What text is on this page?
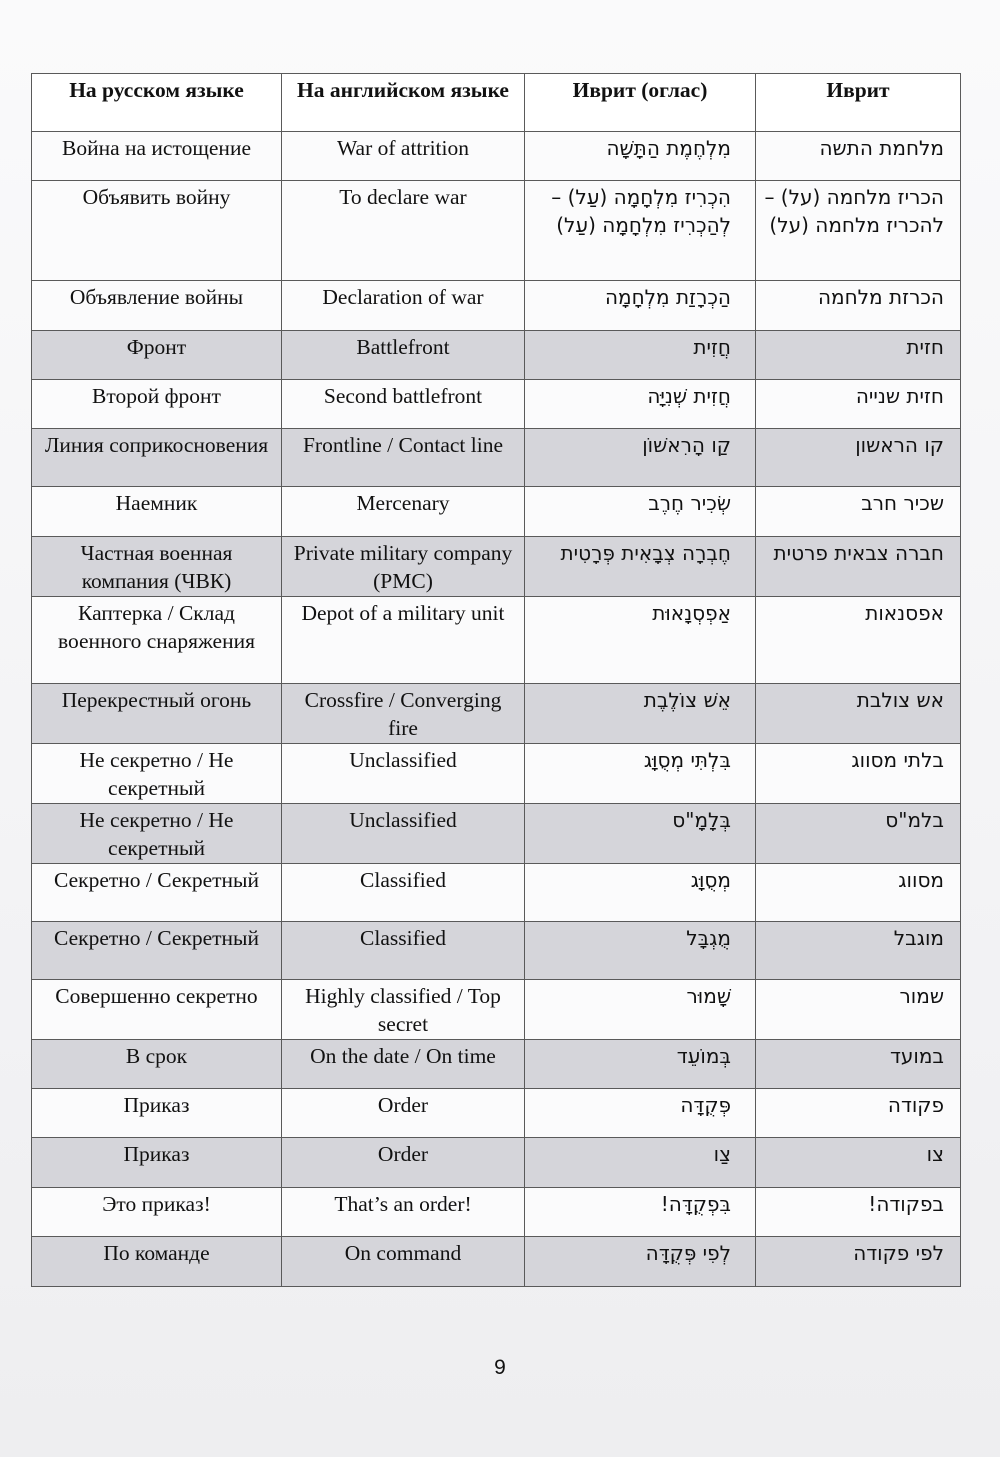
На русском языке	На английском языке	Иврит (оглас)	Иврит
Война на истощение	War of attrition	מִלְחֶמֶת הַתָּשָׁה	מלחמת התשה
Объявить войну	To declare war	הִכְרִיז מִלְחָמָה (עַל) – לְהַכְרִיז מִלְחָמָה (עַל)	הכריז מלחמה (על) – להכריז מלחמה (על)
Объявление войны	Declaration of war	הַכְרָזַת מִלְחָמָה	הכרזת מלחמה
Фронт	Battlefront	חֲזִית	חזית
Второй фронт	Second battlefront	חֲזִית שְׁנִיָּה	חזית שנייה
Линия соприкосновения	Frontline / Contact line	קַו הָרִאשׁוֹן	קו הראשון
Наемник	Mercenary	שְׂכִיר חֶרֶב	שכיר חרב
Частная военная компания (ЧВК)	Private military company (PMC)	חֶבְרָה צְבָאִית פְּרָטִית	חברה צבאית פרטית
Каптерка / Склад военного снаряжения	Depot of a military unit	אַפְסְנָאוּת	אפסנאות
Перекрестный огонь	Crossfire / Converging fire	אֵשׁ צוֹלֶבֶת	אש צולבת
Не секретно / Не секретный	Unclassified	בִּלְתִּי מְסֻוָּג	בלתי מסווג
Не секретно / Не секретный	Unclassified	בְּלָמָ"ס	בלמ"ס
Секретно / Секретный	Classified	מְסֻוָּג	מסווג
Секретно / Секретный	Classified	מֻגְבָּל	מוגבל
Совершенно секретно	Highly classified / Top secret	שָׁמוּר	שמור
В срок	On the date / On time	בְּמוֹעֵד	במועד
Приказ	Order	פְּקֻדָּה	פקודה
Приказ	Order	צַו	צו
Это приказ!	That’s an order!	בִּפְקֻדָּה!	בפקודה!
По команде	On command	לְפִי פְּקֻדָּה	לפי פקודה
9
